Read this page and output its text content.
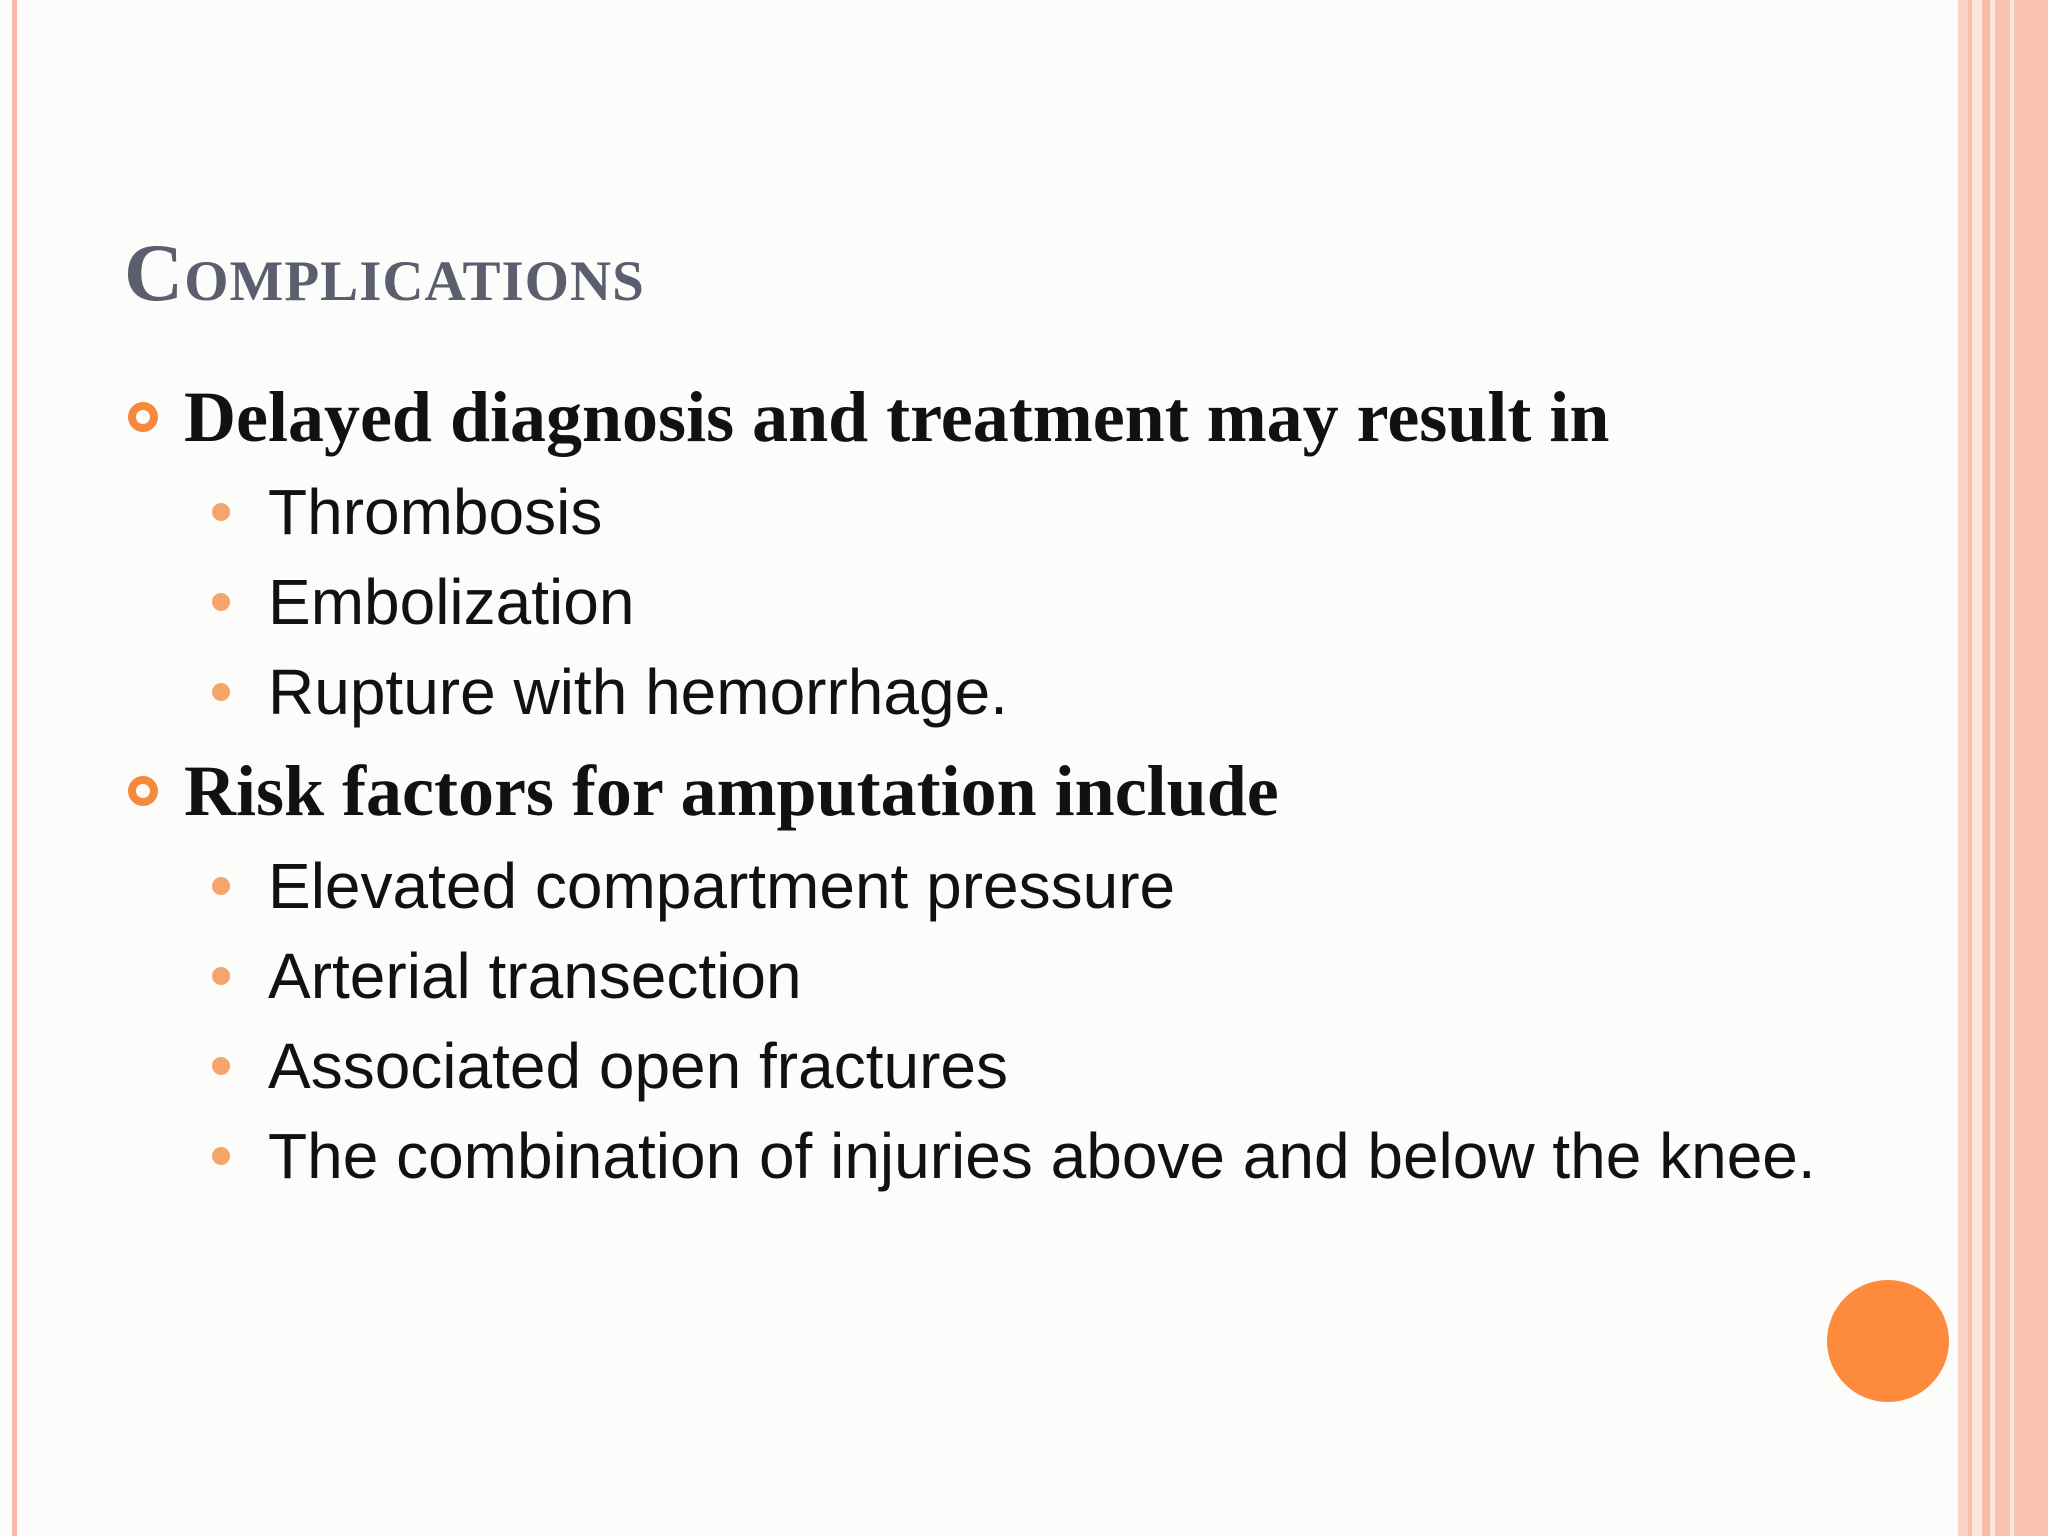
Complications
Delayed diagnosis and treatment may result in
Thrombosis
Embolization
Rupture with hemorrhage.
Risk factors for amputation include
Elevated compartment pressure
Arterial transection
Associated open fractures
The combination of injuries above and below the knee.
